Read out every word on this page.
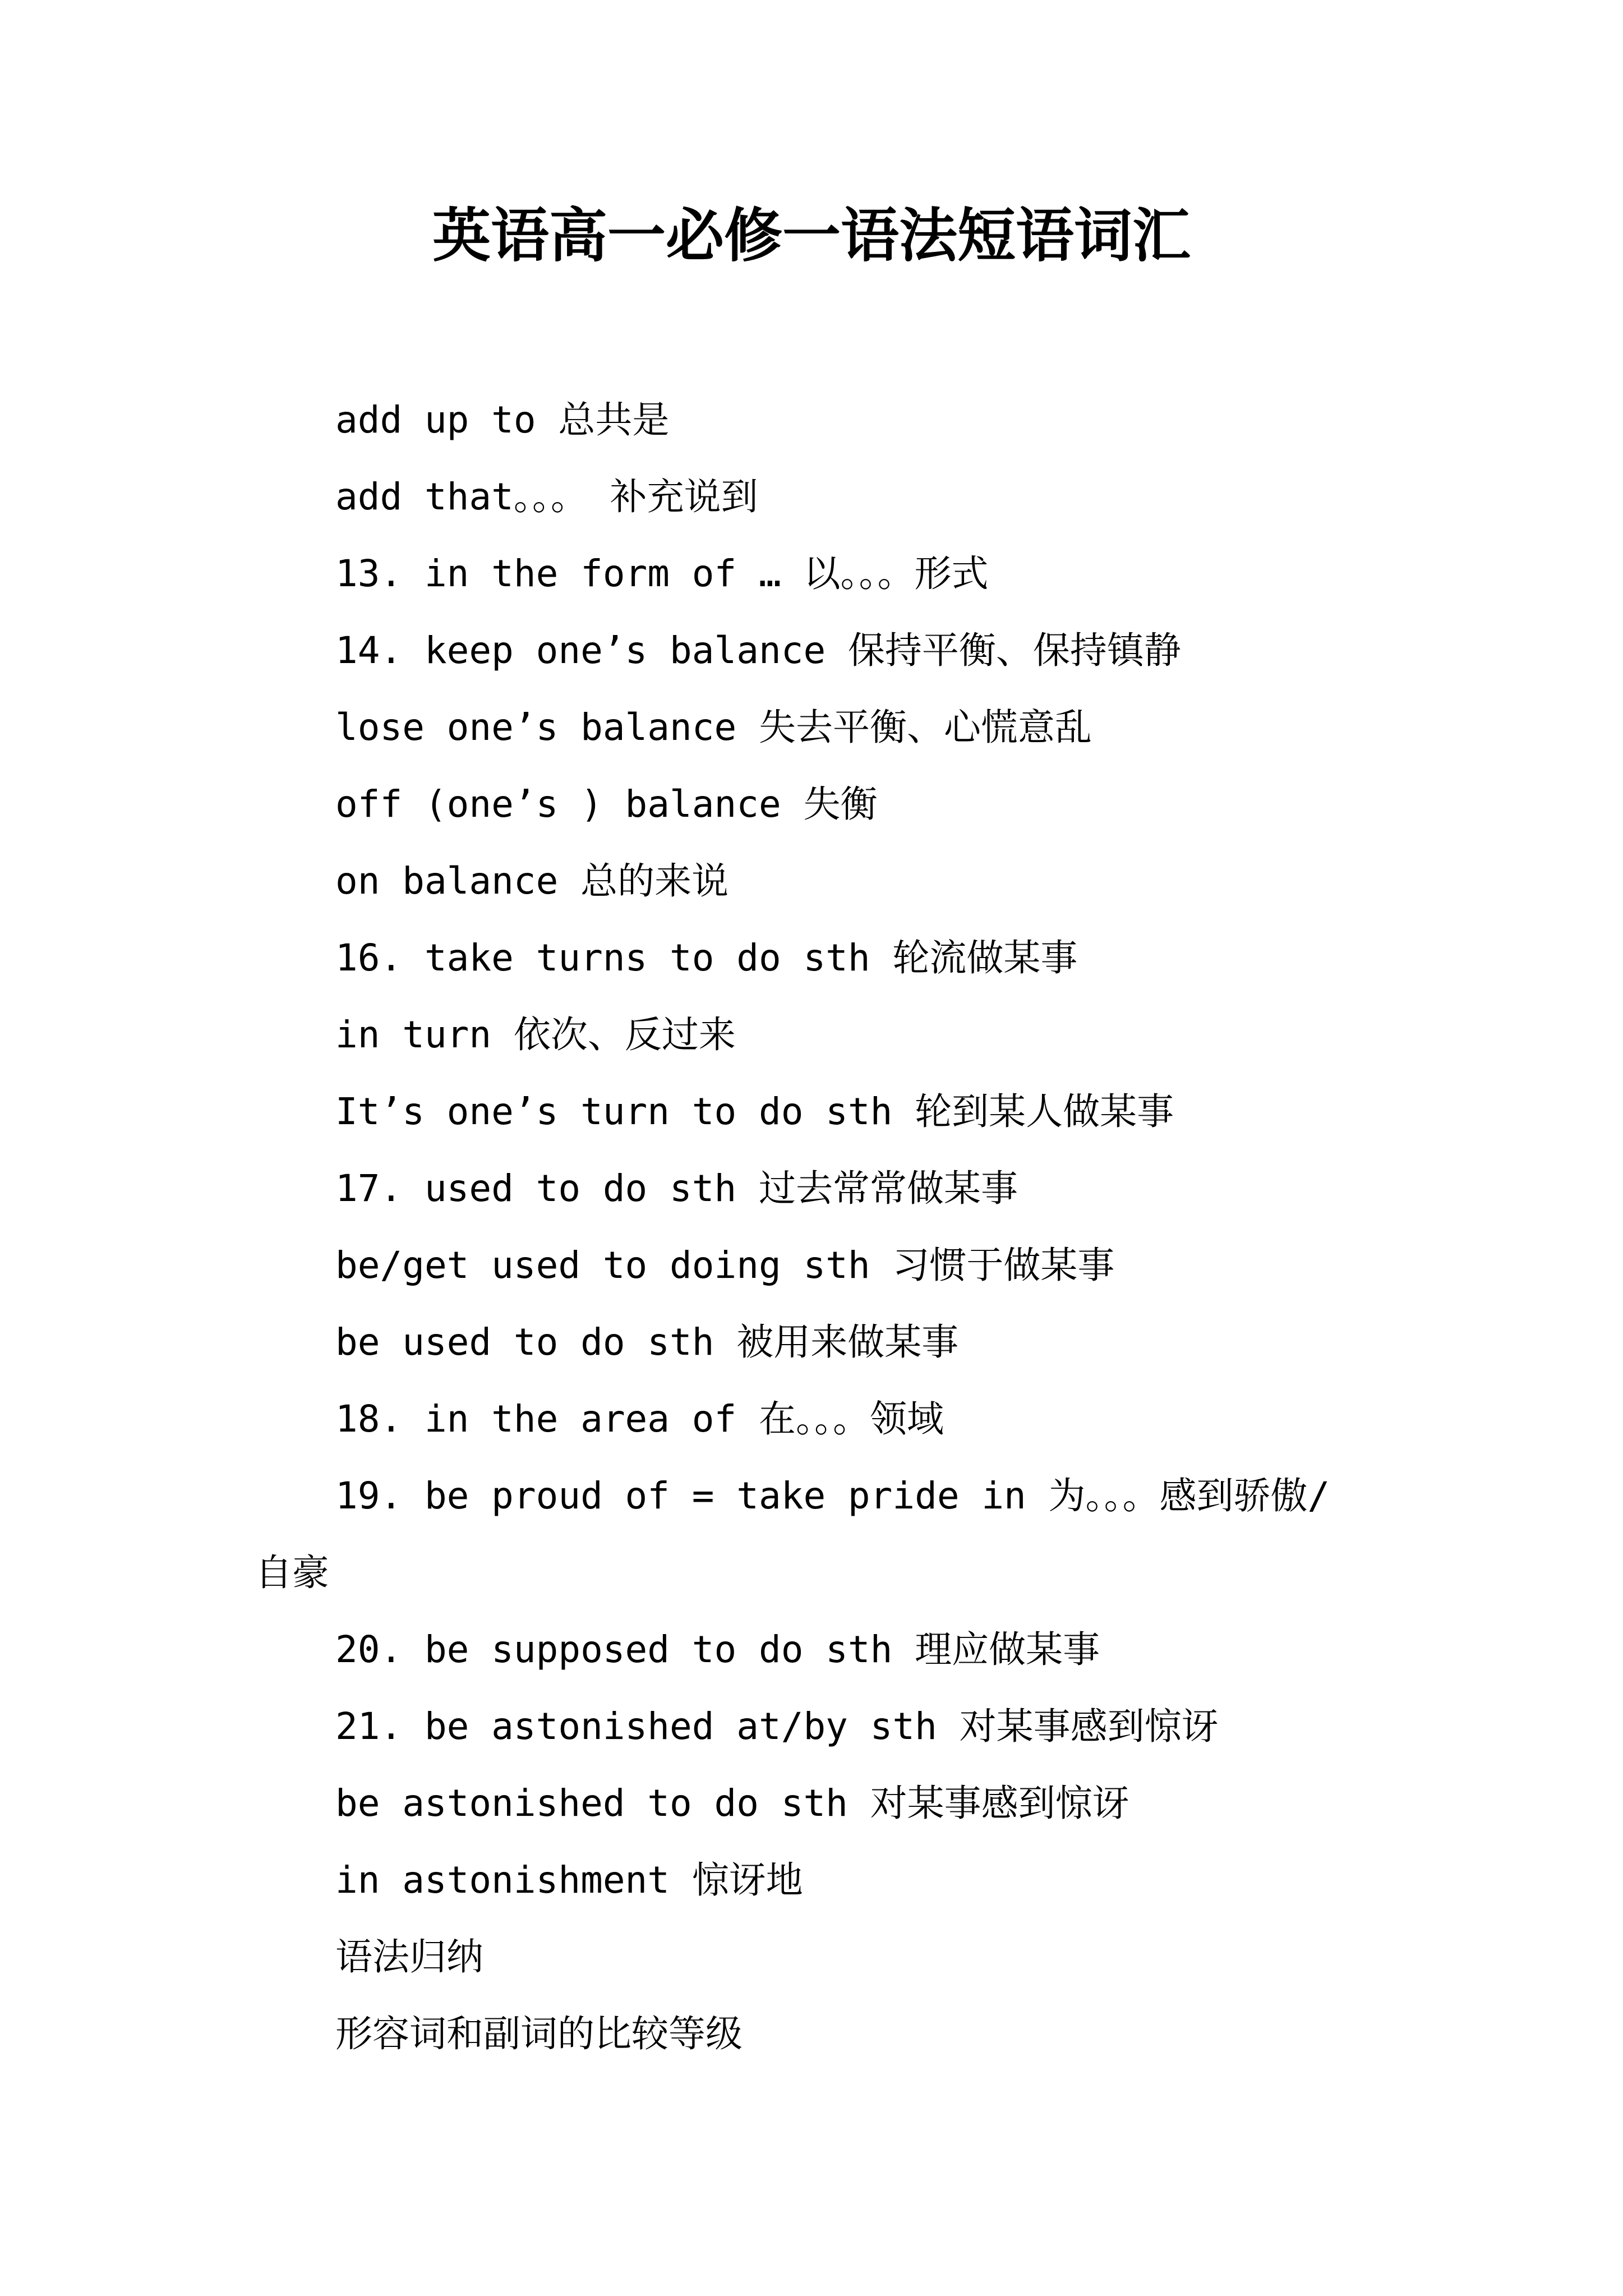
英语高一必修一语法短语词汇
add up to 总共是
add that。。。 补充说到
13. in the form of … 以。。。形式
14. keep one’s balance 保持平衡、保持镇静
lose one’s balance 失去平衡、心慌意乱
off (one’s ) balance 失衡
on balance 总的来说
16. take turns to do sth 轮流做某事
in turn 依次、反过来
It’s one’s turn to do sth 轮到某人做某事
17. used to do sth 过去常常做某事
be/get used to doing sth 习惯于做某事
be used to do sth 被用来做某事
18. in the area of 在。。。领域
19. be proud of = take pride in 为。。。感到骄傲/
自豪
20. be supposed to do sth 理应做某事
21. be astonished at/by sth 对某事感到惊讶
be astonished to do sth 对某事感到惊讶
in astonishment 惊讶地
语法归纳
形容词和副词的比较等级
